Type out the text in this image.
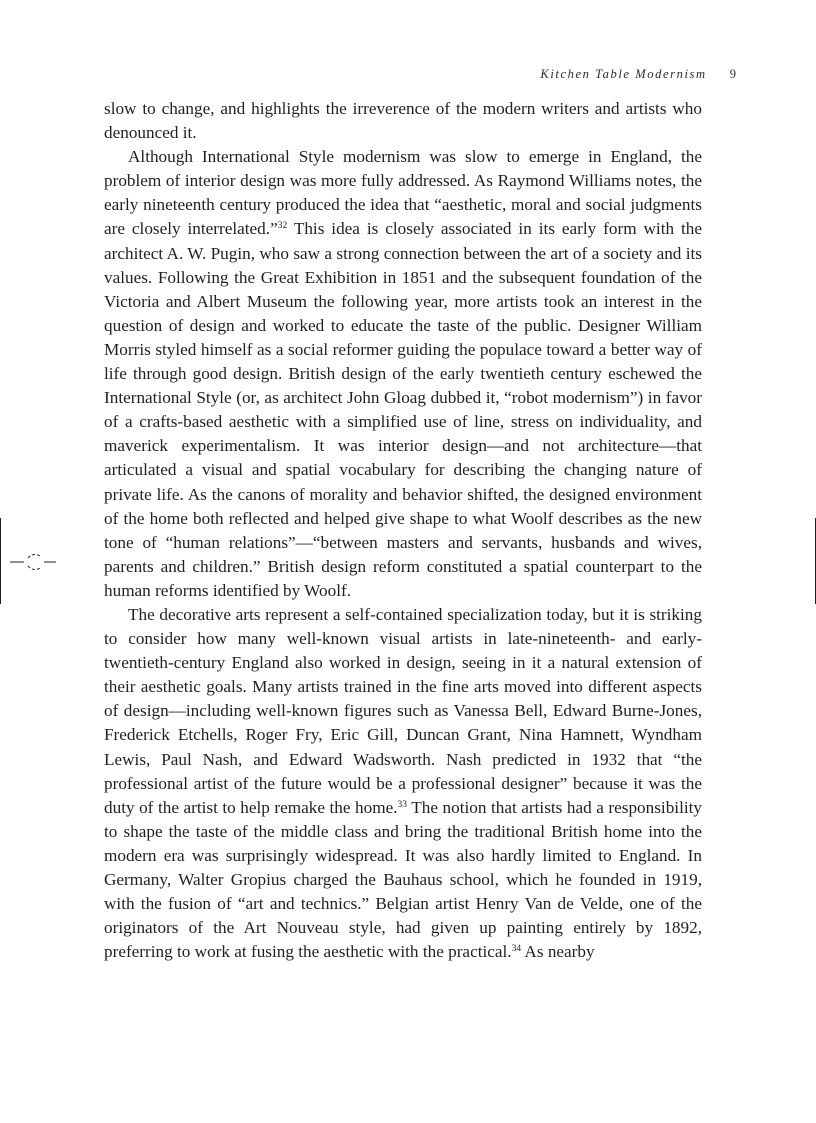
Kitchen Table Modernism 9

slow to change, and highlights the irreverence of the modern writers and artists who denounced it.

Although International Style modernism was slow to emerge in England, the problem of interior design was more fully addressed. As Raymond Williams notes, the early nineteenth century produced the idea that “aesthetic, moral and social judgments are closely interrelated.”$^{32}$ This idea is closely associated in its early form with the architect A. W. Pugin, who saw a strong connection between the art of a society and its values. Following the Great Exhibition in 1851 and the subsequent foundation of the Victoria and Albert Museum the following year, more artists took an interest in the question of design and worked to educate the taste of the public. Designer William Morris styled himself as a social reformer guiding the populace toward a better way of life through good design. British design of the early twentieth century eschewed the International Style (or, as architect John Gloag dubbed it, “robot modernism”) in favor of a crafts-based aesthetic with a simplified use of line, stress on individuality, and maverick experimentalism. It was interior design—and not architecture—that articulated a visual and spatial vocabulary for describing the changing nature of private life. As the canons of morality and behavior shifted, the designed environment of the home both reflected and helped give shape to what Woolf describes as the new tone of “human relations”—“between masters and servants, husbands and wives, parents and children.” British design reform constituted a spatial counterpart to the human reforms identified by Woolf.

The decorative arts represent a self-contained specialization today, but it is striking to consider how many well-known visual artists in late-nineteenth- and early-twentieth-century England also worked in design, seeing in it a natural extension of their aesthetic goals. Many artists trained in the fine arts moved into different aspects of design—including well-known figures such as Vanessa Bell, Edward Burne-Jones, Frederick Etchells, Roger Fry, Eric Gill, Duncan Grant, Nina Hamnett, Wyndham Lewis, Paul Nash, and Edward Wadsworth. Nash predicted in 1932 that “the professional artist of the future would be a professional designer” because it was the duty of the artist to help remake the home.$^{33}$ The notion that artists had a responsibility to shape the taste of the middle class and bring the traditional British home into the modern era was surprisingly widespread. It was also hardly limited to England. In Germany, Walter Gropius charged the Bauhaus school, which he founded in 1919, with the fusion of “art and technics.” Belgian artist Henry Van de Velde, one of the originators of the Art Nouveau style, had given up painting entirely by 1892, preferring to work at fusing the aesthetic with the practical.$^{34}$ As nearby
